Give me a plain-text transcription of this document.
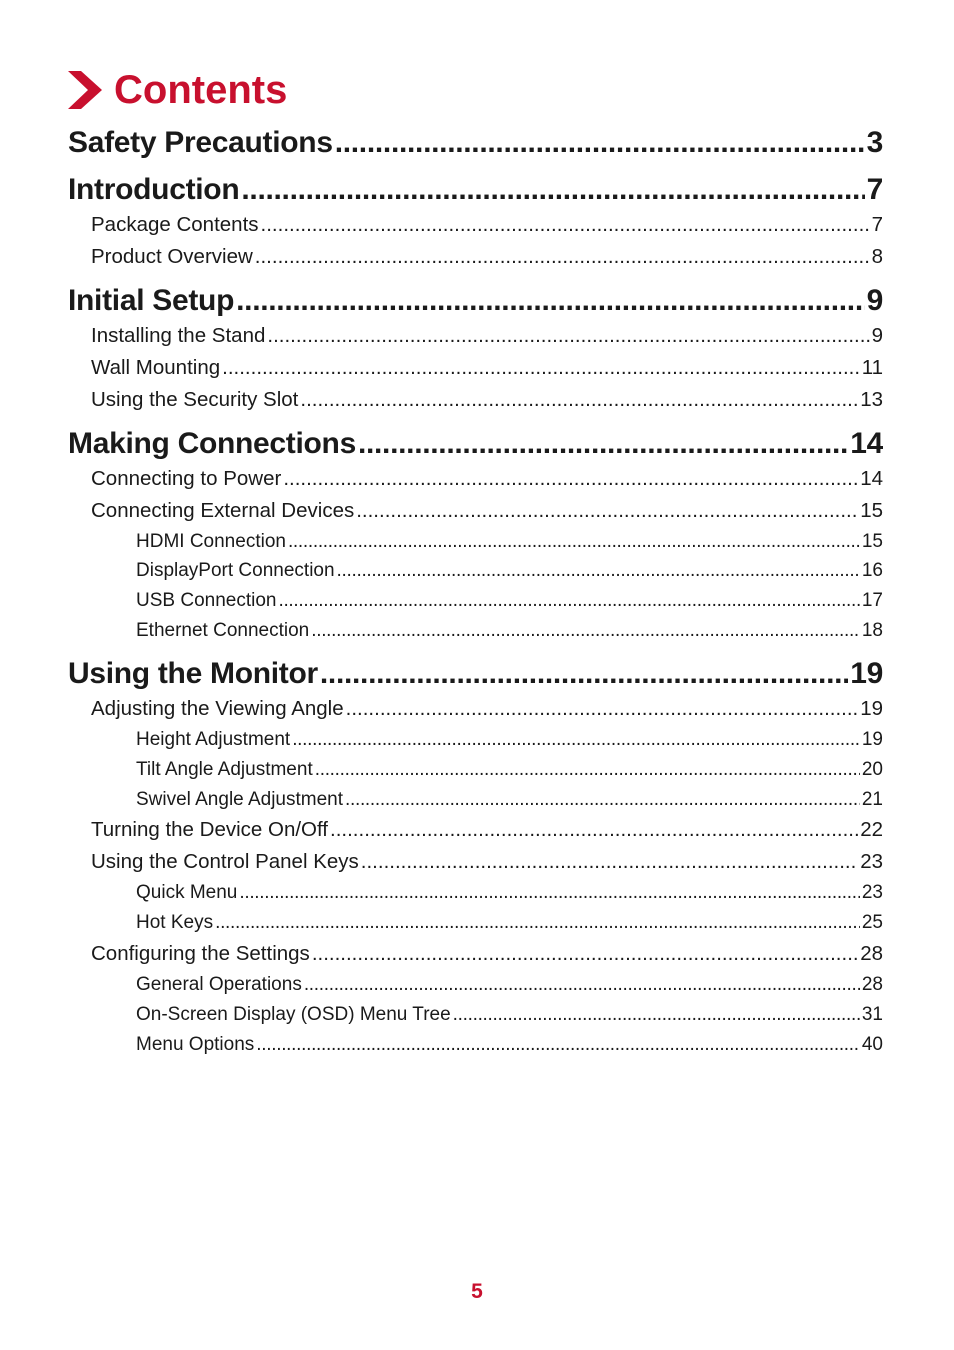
Contents
Safety Precautions .....	3
Introduction .....	7
Package Contents .....	7
Product Overview .....	8
Initial Setup .....	9
Installing the Stand .....	9
Wall Mounting .....	11
Using the Security Slot .....	13
Making Connections .....	14
Connecting to Power .....	14
Connecting External Devices .....	15
HDMI Connection .....	15
DisplayPort Connection .....	16
USB Connection .....	17
Ethernet Connection .....	18
Using the Monitor .....	19
Adjusting the Viewing Angle .....	19
Height Adjustment .....	19
Tilt Angle Adjustment .....	20
Swivel Angle Adjustment .....	21
Turning the Device On/Off .....	22
Using the Control Panel Keys .....	23
Quick Menu .....	23
Hot Keys .....	25
Configuring the Settings .....	28
General Operations .....	28
On-Screen Display (OSD) Menu Tree .....	31
Menu Options .....	40
5
